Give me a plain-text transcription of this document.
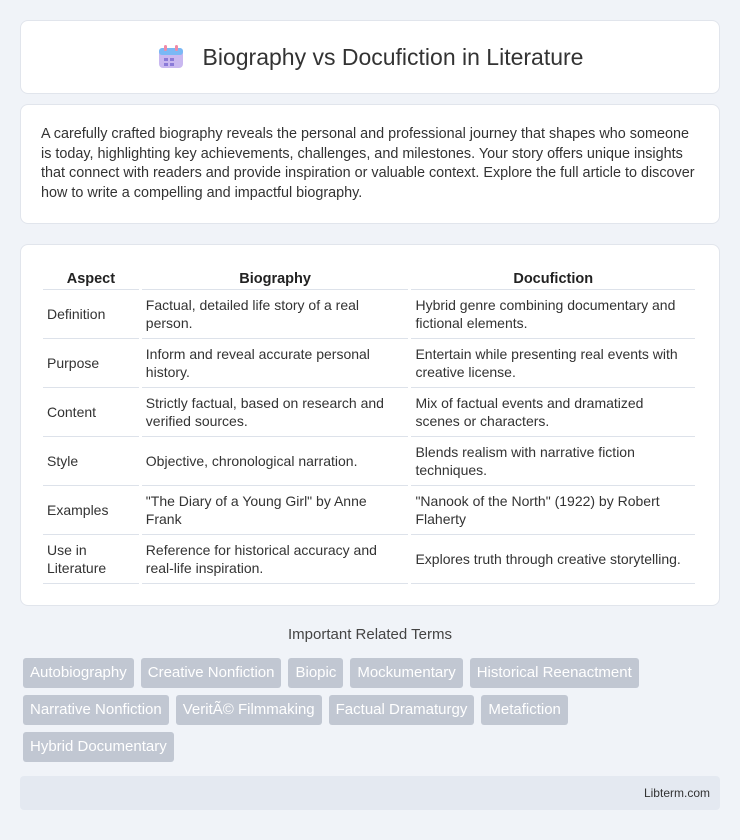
Biography vs Docufiction in Literature

A carefully crafted biography reveals the personal and professional journey that shapes who someone is today, highlighting key achievements, challenges, and milestones. Your story offers unique insights that connect with readers and provide inspiration or valuable context. Explore the full article to discover how to write a compelling and impactful biography.

Aspect	Biography	Docufiction
Definition	Factual, detailed life story of a real person.	Hybrid genre combining documentary and fictional elements.
Purpose	Inform and reveal accurate personal history.	Entertain while presenting real events with creative license.
Content	Strictly factual, based on research and verified sources.	Mix of factual events and dramatized scenes or characters.
Style	Objective, chronological narration.	Blends realism with narrative fiction techniques.
Examples	"The Diary of a Young Girl" by Anne Frank	"Nanook of the North" (1922) by Robert Flaherty
Use in Literature	Reference for historical accuracy and real-life inspiration.	Explores truth through creative storytelling.
Important Related Terms
Autobiography	Creative Nonfiction	Biopic	Mockumentary	Historical Reenactment
Narrative Nonfiction	VeritÃ© Filmmaking	Factual Dramaturgy	Metafiction
Hybrid Documentary
Libterm.com
